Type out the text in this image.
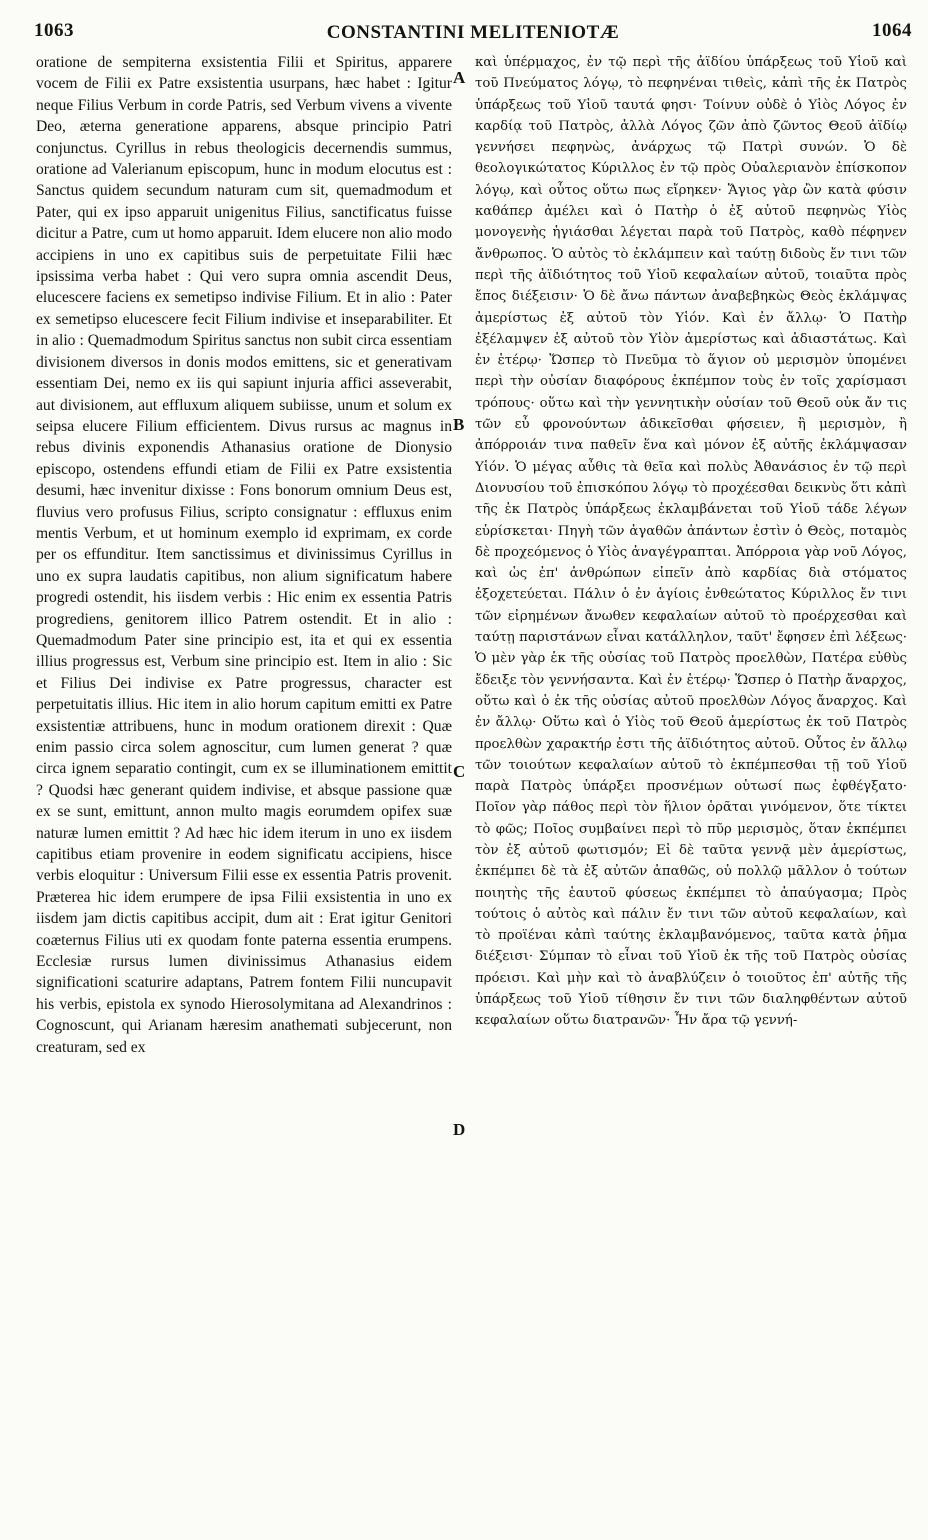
1063	CONSTANTINI MELITENIOTÆ	1064
A
B
C
D

oratione de sempiterna exsistentia Filii et Spiritus, apparere vocem de Filii ex Patre exsistentia usurpans, hæc habet : Igitur neque Filius Verbum in corde Patris, sed Verbum vivens a vivente Deo, æterna generatione apparens, absque principio Patri conjunctus. Cyrillus in rebus theologicis decernendis summus, oratione ad Valerianum episcopum, hunc in modum elocutus est : Sanctus quidem secundum naturam cum sit, quemadmodum et Pater, qui ex ipso apparuit unigenitus Filius, sanctificatus fuisse dicitur a Patre, cum ut homo apparuit. Idem elucere non alio modo accipiens in uno ex capitibus suis de perpetuitate Filii hæc ipsissima verba habet : Qui vero supra omnia ascendit Deus, elucescere faciens ex semetipso indivise Filium. Et in alio : Pater ex semetipso elucescere fecit Filium indivise et inseparabiliter. Et in alio : Quemadmodum Spiritus sanctus non subit circa essentiam divisionem diversos in donis modos emittens, sic et generativam essentiam Dei, nemo ex iis qui sapiunt injuria affici asseverabit, aut divisionem, aut effluxum aliquem subiisse, unum et solum ex seipsa elucere Filium efficientem. Divus rursus ac magnus in rebus divinis exponendis Athanasius oratione de Dionysio episcopo, ostendens effundi etiam de Filii ex Patre exsistentia desumi, hæc invenitur dixisse : Fons bonorum omnium Deus est, fluvius vero profusus Filius, scripto consignatur : effluxus enim mentis Verbum, et ut hominum exemplo id exprimam, ex corde per os effunditur. Item sanctissimus et divinissimus Cyrillus in uno ex supra laudatis capitibus, non alium significatum habere progredi ostendit, his iisdem verbis : Hic enim ex essentia Patris progrediens, genitorem illico Patrem ostendit. Et in alio : Quemadmodum Pater sine principio est, ita et qui ex essentia illius progressus est, Verbum sine principio est. Item in alio : Sic et Filius Dei indivise ex Patre progressus, character est perpetuitatis illius. Hic item in alio horum capitum emitti ex Patre exsistentiæ attribuens, hunc in modum orationem direxit : Quæ enim passio circa solem agnoscitur, cum lumen generat ? quæ circa ignem separatio contingit, cum ex se illuminationem emittit ? Quodsi hæc generant quidem indivise, et absque passione quæ ex se sunt, emittunt, annon multo magis eorumdem opifex suæ naturæ lumen emittit ? Ad hæc hic idem iterum in uno ex iisdem capitibus etiam provenire in eodem significatu accipiens, hisce verbis eloquitur : Universum Filii esse ex essentia Patris provenit. Præterea hic idem erumpere de ipsa Filii exsistentia in uno ex iisdem jam dictis capitibus accipit, dum ait : Erat igitur Genitori coæternus Filius uti ex quodam fonte paterna essentia erumpens. Ecclesiæ rursus lumen divinissimus Athanasius eidem significationi scaturire adaptans, Patrem fontem Filii nuncupavit his verbis, epistola ex synodo Hierosolymitana ad Alexandrinos : Cognoscunt, qui Arianam hæresim anathemati subjecerunt, non creaturam, sed ex

καὶ ὑπέρμαχος, ἐν τῷ περὶ τῆς ἀϊδίου ὑπάρξεως τοῦ Υἱοῦ καὶ τοῦ Πνεύματος λόγῳ, τὸ πεφηνέναι τιθεὶς, κἀπὶ τῆς ἐκ Πατρὸς ὑπάρξεως τοῦ Υἱοῦ ταυτά φησι· Τοίνυν οὐδὲ ὁ Υἱὸς Λόγος ἐν καρδίᾳ τοῦ Πατρὸς, ἀλλὰ Λόγος ζῶν ἀπὸ ζῶντος Θεοῦ ἀϊδίῳ γεννήσει πεφηνὼς, ἀνάρχως τῷ Πατρὶ συνών. Ὁ δὲ θεολογικώτατος Κύριλλος ἐν τῷ πρὸς Οὐαλεριανὸν ἐπίσκοπον λόγῳ, καὶ οὗτος οὕτω πως εἴρηκεν· Ἅγιος γὰρ ὢν κατὰ φύσιν καθάπερ ἀμέλει καὶ ὁ Πατὴρ ὁ ἐξ αὐτοῦ πεφηνὼς Υἱὸς μονογενὴς ἡγιάσθαι λέγεται παρὰ τοῦ Πατρὸς, καθὸ πέφηνεν ἄνθρωπος. Ὁ αὐτὸς τὸ ἐκλάμπειν καὶ ταύτῃ διδοὺς ἔν τινι τῶν περὶ τῆς ἀϊδιότητος τοῦ Υἱοῦ κεφαλαίων αὐτοῦ, τοιαῦτα πρὸς ἔπος διέξεισιν· Ὁ δὲ ἄνω πάντων ἀναβεβηκὼς Θεὸς ἐκλάμψας ἀμερίστως ἐξ αὐτοῦ τὸν Υἱόν. Καὶ ἐν ἄλλῳ· Ὁ Πατὴρ ἐξέλαμψεν ἐξ αὐτοῦ τὸν Υἱὸν ἀμερίστως καὶ ἀδιαστάτως. Καὶ ἐν ἑτέρῳ· Ὥσπερ τὸ Πνεῦμα τὸ ἅγιον οὐ μερισμὸν ὑπομένει περὶ τὴν οὐσίαν διαφόρους ἐκπέμπον τοὺς ἐν τοῖς χαρίσμασι τρόπους· οὕτω καὶ τὴν γεννητικὴν οὐσίαν τοῦ Θεοῦ οὐκ ἄν τις τῶν εὖ φρονούντων ἀδικεῖσθαι φήσειεν, ἢ μερισμὸν, ἢ ἀπόρροιάν τινα παθεῖν ἕνα καὶ μόνον ἐξ αὐτῆς ἐκλάμψασαν Υἱόν. Ὁ μέγας αὖθις τὰ θεῖα καὶ πολὺς Ἀθανάσιος ἐν τῷ περὶ Διονυσίου τοῦ ἐπισκόπου λόγῳ τὸ προχέεσθαι δεικνὺς ὅτι κἀπὶ τῆς ἐκ Πατρὸς ὑπάρξεως ἐκλαμβάνεται τοῦ Υἱοῦ τάδε λέγων εὑρίσκεται· Πηγὴ τῶν ἀγαθῶν ἁπάντων ἐστὶν ὁ Θεὸς, ποταμὸς δὲ προχεόμενος ὁ Υἱὸς ἀναγέγραπται. Ἀπόρροια γὰρ νοῦ Λόγος, καὶ ὡς ἐπ' ἀνθρώπων εἰπεῖν ἀπὸ καρδίας διὰ στόματος ἐξοχετεύεται. Πάλιν ὁ ἐν ἁγίοις ἐνθεώτατος Κύριλλος ἔν τινι τῶν εἰρημένων ἄνωθεν κεφαλαίων αὐτοῦ τὸ προέρχεσθαι καὶ ταύτῃ παριστάνων εἶναι κατάλληλον, ταῦτ' ἔφησεν ἐπὶ λέξεως· Ὁ μὲν γὰρ ἐκ τῆς οὐσίας τοῦ Πατρὸς προελθὼν, Πατέρα εὐθὺς ἔδειξε τὸν γεννήσαντα. Καὶ ἐν ἑτέρῳ· Ὥσπερ ὁ Πατὴρ ἄναρχος, οὕτω καὶ ὁ ἐκ τῆς οὐσίας αὐτοῦ προελθὼν Λόγος ἄναρχος. Καὶ ἐν ἄλλῳ· Οὕτω καὶ ὁ Υἱὸς τοῦ Θεοῦ ἀμερίστως ἐκ τοῦ Πατρὸς προελθὼν χαρακτήρ ἐστι τῆς ἀϊδιότητος αὐτοῦ. Οὗτος ἐν ἄλλῳ τῶν τοιούτων κεφαλαίων αὐτοῦ τὸ ἐκπέμπεσθαι τῇ τοῦ Υἱοῦ παρὰ Πατρὸς ὑπάρξει προσνέμων οὑτωσί πως ἐφθέγξατο· Ποῖον γὰρ πάθος περὶ τὸν ἥλιον ὁρᾶται γινόμενον, ὅτε τίκτει τὸ φῶς; Ποῖος συμβαίνει περὶ τὸ πῦρ μερισμὸς, ὅταν ἐκπέμπει τὸν ἐξ αὐτοῦ φωτισμόν; Εἰ δὲ ταῦτα γεννᾷ μὲν ἀμερίστως, ἐκπέμπει δὲ τὰ ἐξ αὐτῶν ἀπαθῶς, οὐ πολλῷ μᾶλλον ὁ τούτων ποιητὴς τῆς ἑαυτοῦ φύσεως ἐκπέμπει τὸ ἀπαύγασμα; Πρὸς τούτοις ὁ αὐτὸς καὶ πάλιν ἔν τινι τῶν αὐτοῦ κεφαλαίων, καὶ τὸ προϊέναι κἀπὶ ταύτης ἐκλαμβανόμενος, ταῦτα κατὰ ῥῆμα διέξεισι· Σύμπαν τὸ εἶναι τοῦ Υἱοῦ ἐκ τῆς τοῦ Πατρὸς οὐσίας πρόεισι. Καὶ μὴν καὶ τὸ ἀναβλύζειν ὁ τοιοῦτος ἐπ' αὐτῆς τῆς ὑπάρξεως τοῦ Υἱοῦ τίθησιν ἔν τινι τῶν διαληφθέντων αὐτοῦ κεφαλαίων οὕτω διατρανῶν· Ἦν ἄρα τῷ γεννή-
